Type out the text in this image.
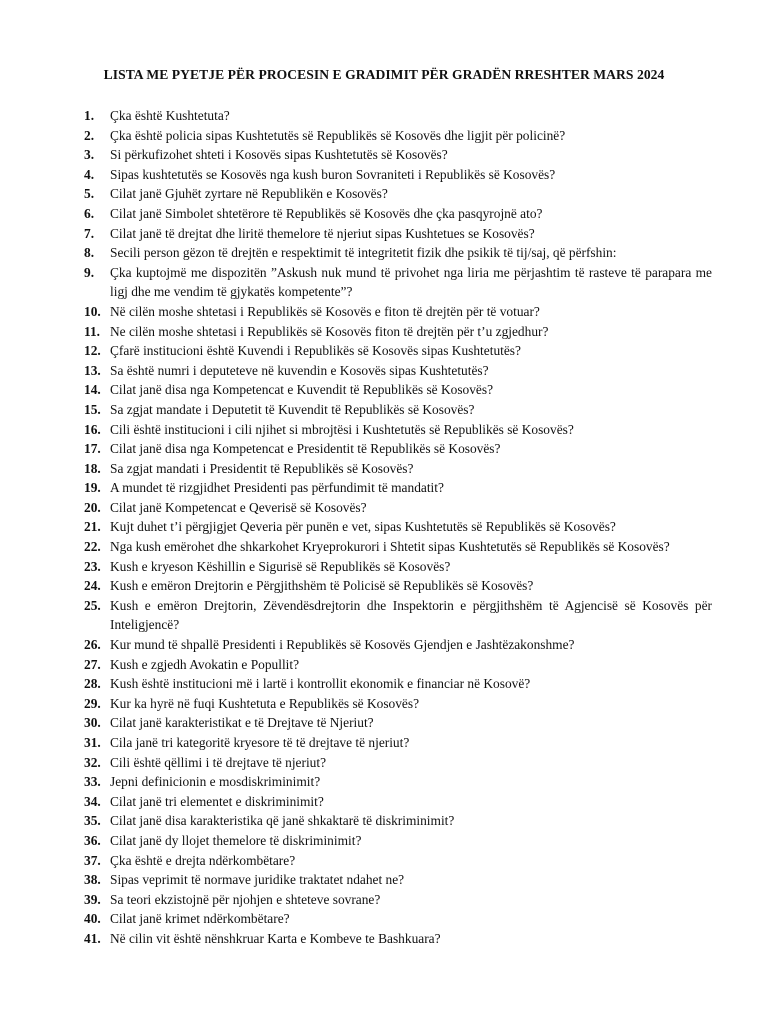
LISTA ME PYETJE PËR PROCESIN E GRADIMIT PËR GRADËN RRESHTER MARS 2024
1.	Çka është Kushtetuta?
2.	Çka është policia sipas Kushtetutës së Republikës së Kosovës dhe ligjit për policinë?
3.	Si përkufizohet shteti i Kosovës sipas Kushtetutës së Kosovës?
4.	Sipas kushtetutës se Kosovës nga kush buron Sovraniteti i Republikës së Kosovës?
5.	Cilat janë Gjuhët zyrtare në Republikën e Kosovës?
6.	Cilat janë Simbolet shtetërore të Republikës së Kosovës dhe çka pasqyrojnë ato?
7.	Cilat janë të drejtat dhe liritë themelore të njeriut sipas Kushtetues se Kosovës?
8.	Secili person gëzon të drejtën e respektimit të integritetit fizik dhe psikik të tij/saj, që përfshin:
9.	Çka kuptojmë me dispozitën ”Askush nuk mund të privohet nga liria me përjashtim të rasteve të parapara me ligj dhe me vendim të gjykatës kompetente”?
10. Në cilën moshe shtetasi i Republikës së Kosovës e fiton të drejtën për të votuar?
11. Ne cilën moshe shtetasi i Republikës së Kosovës fiton të drejtën për t’u zgjedhur?
12. Çfarë institucioni është Kuvendi i Republikës së Kosovës sipas Kushtetutës?
13. Sa është numri i deputeteve në kuvendin e Kosovës sipas Kushtetutës?
14. Cilat janë disa nga Kompetencat e Kuvendit të Republikës së Kosovës?
15. Sa zgjat mandate i Deputetit të Kuvendit të Republikës së Kosovës?
16. Cili është institucioni i cili njihet si mbrojtësi i Kushtetutës së Republikës së Kosovës?
17. Cilat janë disa nga Kompetencat e Presidentit të Republikës së Kosovës?
18. Sa zgjat mandati i Presidentit të Republikës së Kosovës?
19. A mundet të rizgjidhet Presidenti pas përfundimit të mandatit?
20. Cilat janë Kompetencat e Qeverisë së Kosovës?
21. Kujt duhet t’i përgjigjet Qeveria për punën e vet, sipas Kushtetutës së Republikës së Kosovës?
22. Nga kush emërohet dhe shkarkohet Kryeprokurori i Shtetit sipas Kushtetutës së Republikës së Kosovës?
23. Kush e kryeson Këshillin e Sigurisë së Republikës së Kosovës?
24. Kush e emëron Drejtorin e Përgjithshëm të Policisë së Republikës së Kosovës?
25. Kush e emëron Drejtorin, Zëvendësdrejtorin dhe Inspektorin e përgjithshëm të Agjencisë së Kosovës për Inteligjencë?
26. Kur mund të shpallë Presidenti i Republikës së Kosovës Gjendjen e Jashtëzakonshme?
27. Kush e zgjedh Avokatin e Popullit?
28. Kush është institucioni më i lartë i kontrollit ekonomik e financiar në Kosovë?
29. Kur ka hyrë në fuqi Kushtetuta e Republikës së Kosovës?
30. Cilat janë karakteristikat e të Drejtave të Njeriut?
31. Cila janë tri kategoritë kryesore të të drejtave të njeriut?
32. Cili është qëllimi i të drejtave të njeriut?
33. Jepni definicionin e mosdiskriminimit?
34. Cilat janë tri elementet e diskriminimit?
35. Cilat janë disa karakteristika që janë shkaktarë të diskriminimit?
36. Cilat janë dy llojet themelore të diskriminimit?
37. Çka është e drejta ndërkombëtare?
38. Sipas veprimit të normave juridike traktatet ndahet ne?
39. Sa teori ekzistojnë për njohjen e shteteve sovrane?
40. Cilat janë krimet ndërkombëtare?
41. Në cilin vit është nënshkruar Karta e Kombeve te Bashkuara?
